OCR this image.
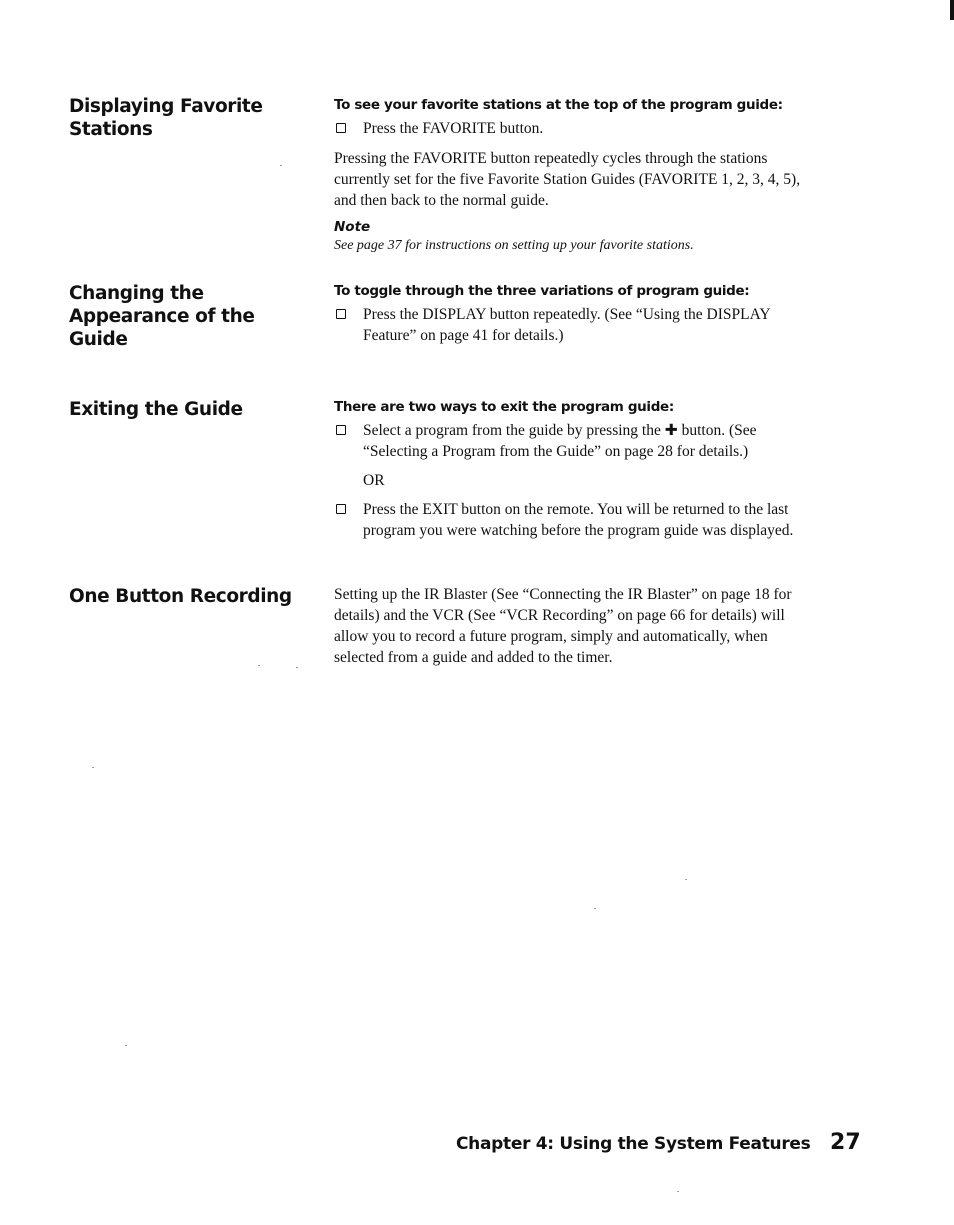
Displaying Favorite Stations
To see your favorite stations at the top of the program guide:
Press the FAVORITE button.
Pressing the FAVORITE button repeatedly cycles through the stations currently set for the five Favorite Station Guides (FAVORITE 1, 2, 3, 4, 5), and then back to the normal guide.
Note
See page 37 for instructions on setting up your favorite stations.
Changing the Appearance of the Guide
To toggle through the three variations of program guide:
Press the DISPLAY button repeatedly. (See “Using the DISPLAY Feature” on page 41 for details.)
Exiting the Guide	There are two ways to exit the program guide:
Select a program from the guide by pressing the ✚ button. (See “Selecting a Program from the Guide” on page 28 for details.)
OR
Press the EXIT button on the remote. You will be returned to the last program you were watching before the program guide was displayed.
One Button Recording	Setting up the IR Blaster (See “Connecting the IR Blaster” on page 18 for details) and the VCR (See “VCR Recording” on page 66 for details) will allow you to record a future program, simply and automatically, when selected from a guide and added to the timer.
Chapter 4: Using the System Features 27
